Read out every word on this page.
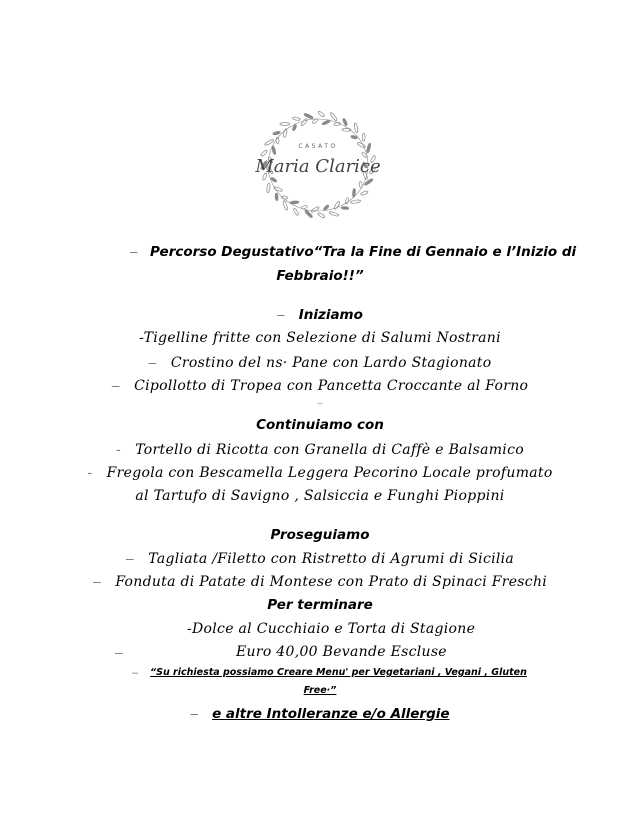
CASATO
Maria Clarice
– Percorso Degustativo“Tra la Fine di Gennaio e l’Inizio di
Febbraio!!”
– Iniziamo
-Tigelline fritte con Selezione di Salumi Nostrani
– Crostino del ns· Pane con Lardo Stagionato
– Cipollotto di Tropea con Pancetta Croccante al Forno
–
Continuiamo con
- Tortello di Ricotta con Granella di Caffè e Balsamico
- Fregola con Bescamella Leggera Pecorino Locale profumato
al Tartufo di Savigno , Salsiccia e Funghi Pioppini
Proseguiamo
– Tagliata /Filetto con Ristretto di Agrumi di Sicilia
– Fonduta di Patate di Montese con Prato di Spinaci Freschi
Per terminare
-Dolce al Cucchiaio e Torta di Stagione
–	Euro 40,00 Bevande Escluse
– “Su richiesta possiamo Creare Menu' per Vegetariani , Vegani , Gluten
Free·”
– e altre Intolleranze e/o Allergie
